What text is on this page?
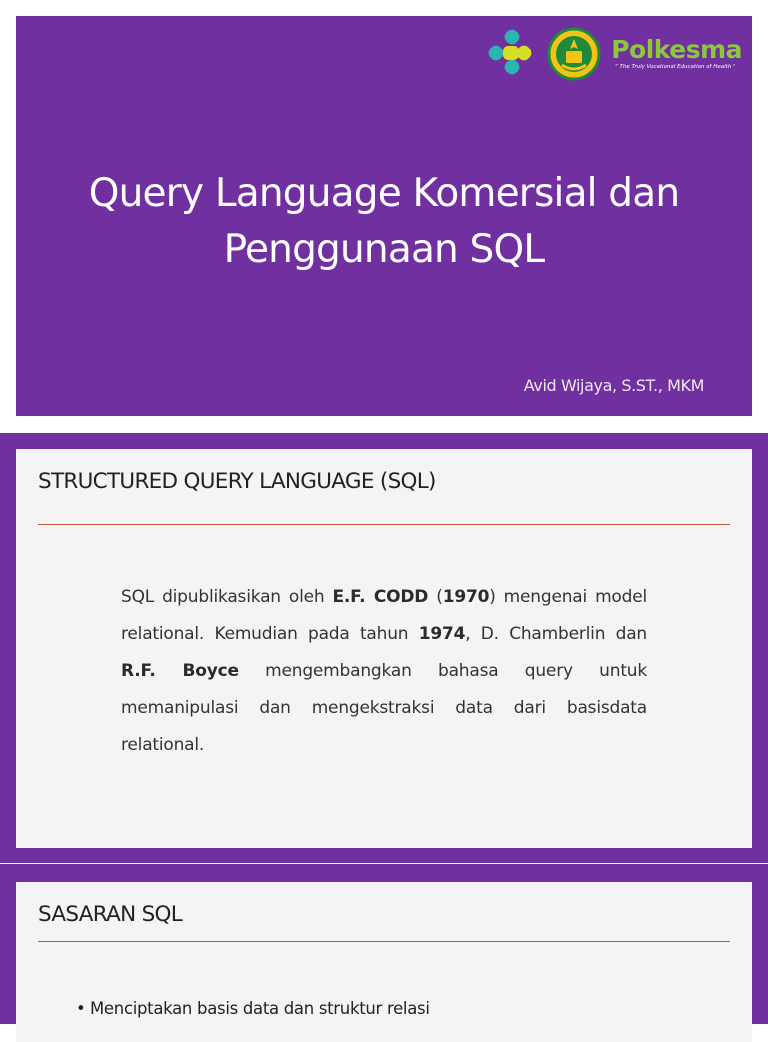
Polkesma
" The Truly Vocational Education of Health "
Query Language Komersial dan
Penggunaan SQL
Avid Wijaya, S.ST., MKM
STRUCTURED QUERY LANGUAGE (SQL)
SQL dipublikasikan oleh E.F. CODD (1970) mengenai model relational. Kemudian pada tahun 1974, D. Chamberlin dan R.F. Boyce mengembangkan bahasa query untuk memanipulasi dan mengekstraksi data dari basisdata relational.
SASARAN SQL
• Menciptakan basis data dan struktur relasi
